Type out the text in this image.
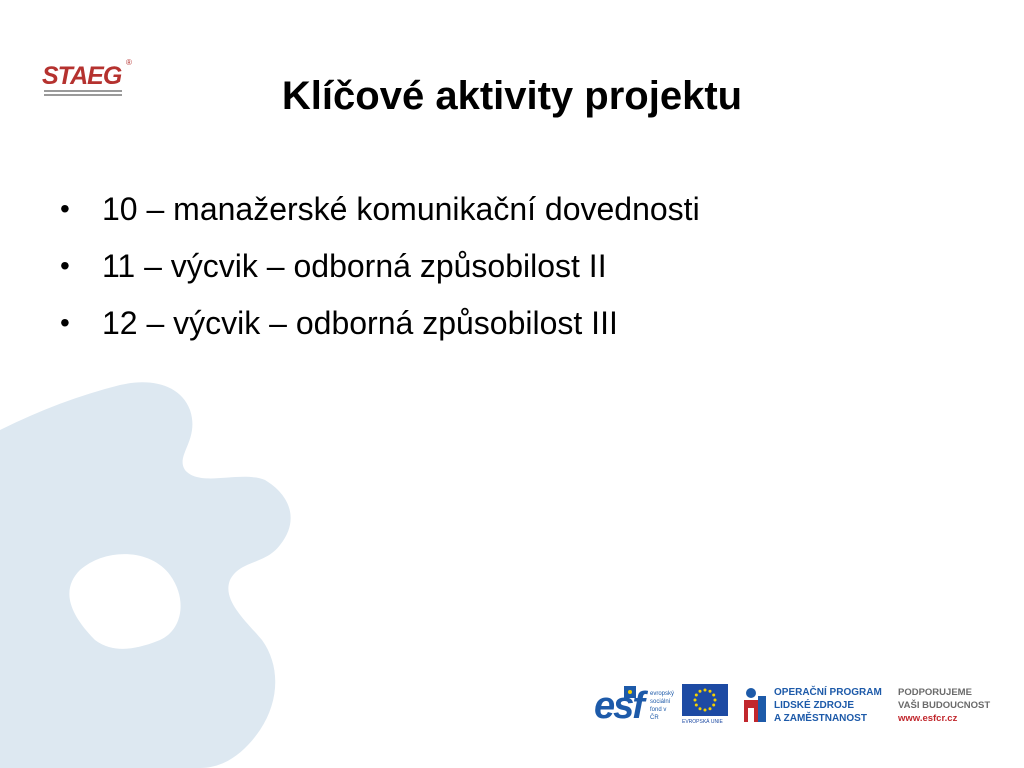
STAEG ®
Klíčové aktivity projektu
• 10 – manažerské komunikační dovednosti
• 11 – výcvik – odborná způsobilost II
• 12 – výcvik – odborná způsobilost III
esf evropský
sociální
fond v ČR
EVROPSKÁ UNIE
OPERAČNÍ PROGRAM
LIDSKÉ ZDROJE
A ZAMĚSTNANOST
PODPORUJEME
VAŠI BUDOUCNOST
www.esfcr.cz
